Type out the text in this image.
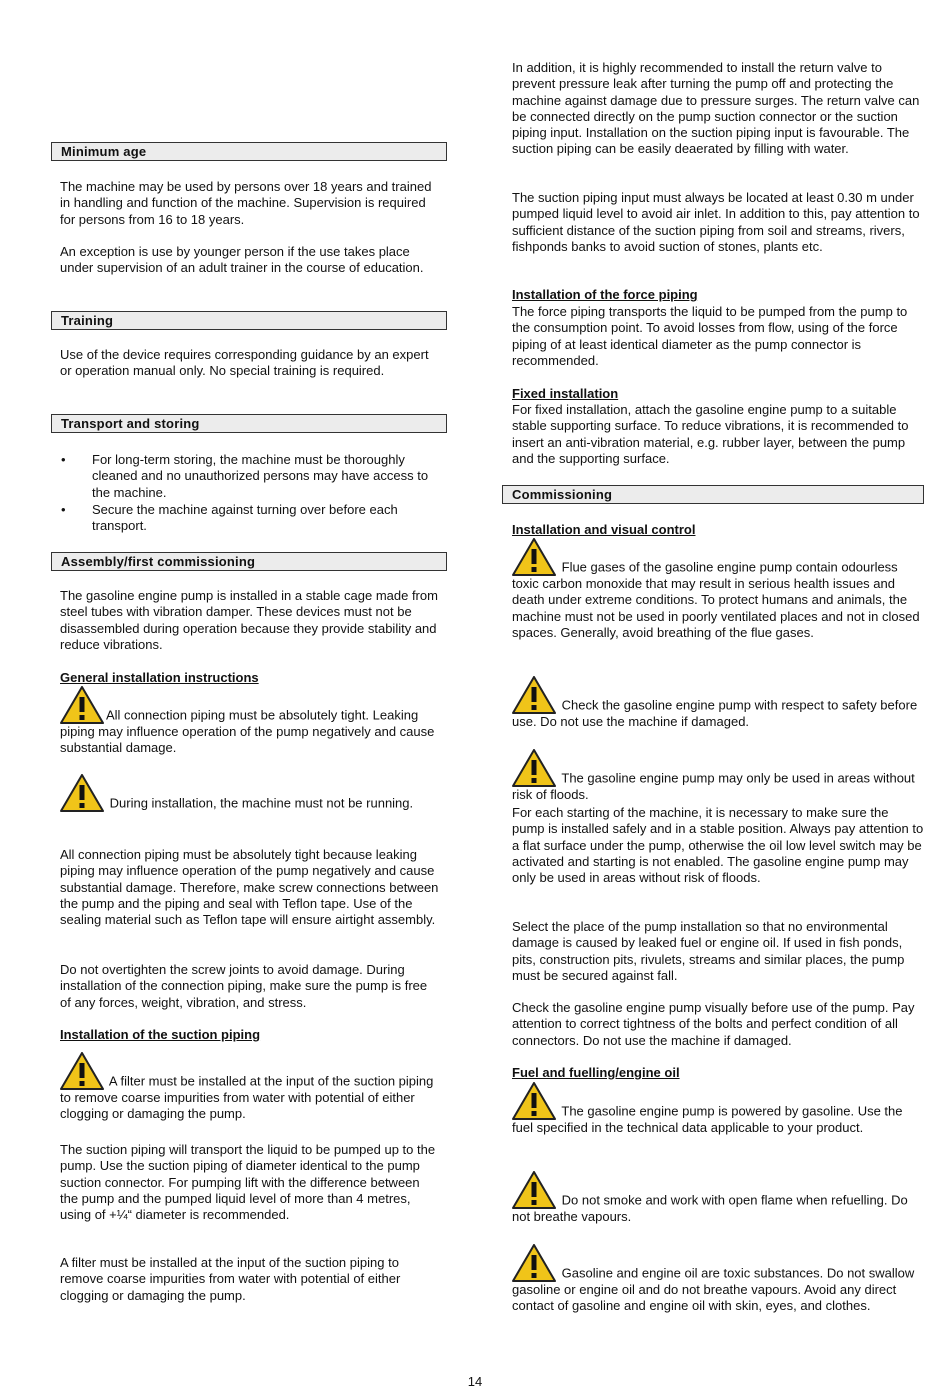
Minimum age

The machine may be used by persons over 18 years and trained in handling and function of the machine. Supervision is required for persons from 16 to 18 years.

An exception is use by younger person if the use takes place under supervision of an adult trainer in the course of education.

Training

Use of the device requires corresponding guidance by an expert or operation manual only. No special training is required.

Transport and storing
• For long-term storing, the machine must be thoroughly cleaned and no unauthorized persons may have access to the machine.
• Secure the machine against turning over before each transport.
Assembly/first commissioning

The gasoline engine pump is installed in a stable cage made from steel tubes with vibration damper. These devices must not be disassembled during operation because they provide stability and reduce vibrations.

General installation instructions

All connection piping must be absolutely tight. Leaking piping may influence operation of the pump negatively and cause substantial damage.

During installation, the machine must not be running.

All connection piping must be absolutely tight because leaking piping may influence operation of the pump negatively and cause substantial damage. Therefore, make screw connections between the pump and the piping and seal with Teflon tape. Use of the sealing material such as Teflon tape will ensure airtight assembly.

Do not overtighten the screw joints to avoid damage. During installation of the connection piping, make sure the pump is free of any forces, weight, vibration, and stress.

Installation of the suction piping

A filter must be installed at the input of the suction piping to remove coarse impurities from water with potential of either clogging or damaging the pump.

The suction piping will transport the liquid to be pumped up to the pump. Use the suction piping of diameter identical to the pump suction connector. For pumping lift with the difference between the pump and the pumped liquid level of more than 4 metres, using of +¼“ diameter is recommended.

A filter must be installed at the input of the suction piping to remove coarse impurities from water with potential of either clogging or damaging the pump.

In addition, it is highly recommended to install the return valve to prevent pressure leak after turning the pump off and protecting the machine against damage due to pressure surges. The return valve can be connected directly on the pump suction connector or the suction piping input. Installation on the suction piping input is favourable. The suction piping can be easily deaerated by filling with water.

The suction piping input must always be located at least 0.30 m under pumped liquid level to avoid air inlet. In addition to this, pay attention to sufficient distance of the suction piping from soil and streams, rivers, fishponds banks to avoid suction of stones, plants etc.

Installation of the force piping

The force piping transports the liquid to be pumped from the pump to the consumption point. To avoid losses from flow, using of the force piping of at least identical diameter as the pump connector is recommended.

Fixed installation

For fixed installation, attach the gasoline engine pump to a suitable stable supporting surface. To reduce vibrations, it is recommended to insert an anti-vibration material, e.g. rubber layer, between the pump and the supporting surface.

Commissioning
Installation and visual control

Flue gases of the gasoline engine pump contain odourless toxic carbon monoxide that may result in serious health issues and death under extreme conditions. To protect humans and animals, the machine must not be used in poorly ventilated places and not in closed spaces. Generally, avoid breathing of the flue gases.

Check the gasoline engine pump with respect to safety before use. Do not use the machine if damaged.

The gasoline engine pump may only be used in areas without risk of floods.

For each starting of the machine, it is necessary to make sure the pump is installed safely and in a stable position. Always pay attention to a flat surface under the pump, otherwise the oil low level switch may be activated and starting is not enabled. The gasoline engine pump may only be used in areas without risk of floods.

Select the place of the pump installation so that no environmental damage is caused by leaked fuel or engine oil. If used in fish ponds, pits, construction pits, rivulets, streams and similar places, the pump must be secured against fall.

Check the gasoline engine pump visually before use of the pump. Pay attention to correct tightness of the bolts and perfect condition of all connectors. Do not use the machine if damaged.

Fuel and fuelling/engine oil

The gasoline engine pump is powered by gasoline. Use the fuel specified in the technical data applicable to your product.

Do not smoke and work with open flame when refuelling. Do not breathe vapours.

Gasoline and engine oil are toxic substances. Do not swallow gasoline or engine oil and do not breathe vapours. Avoid any direct contact of gasoline and engine oil with skin, eyes, and clothes.

14
